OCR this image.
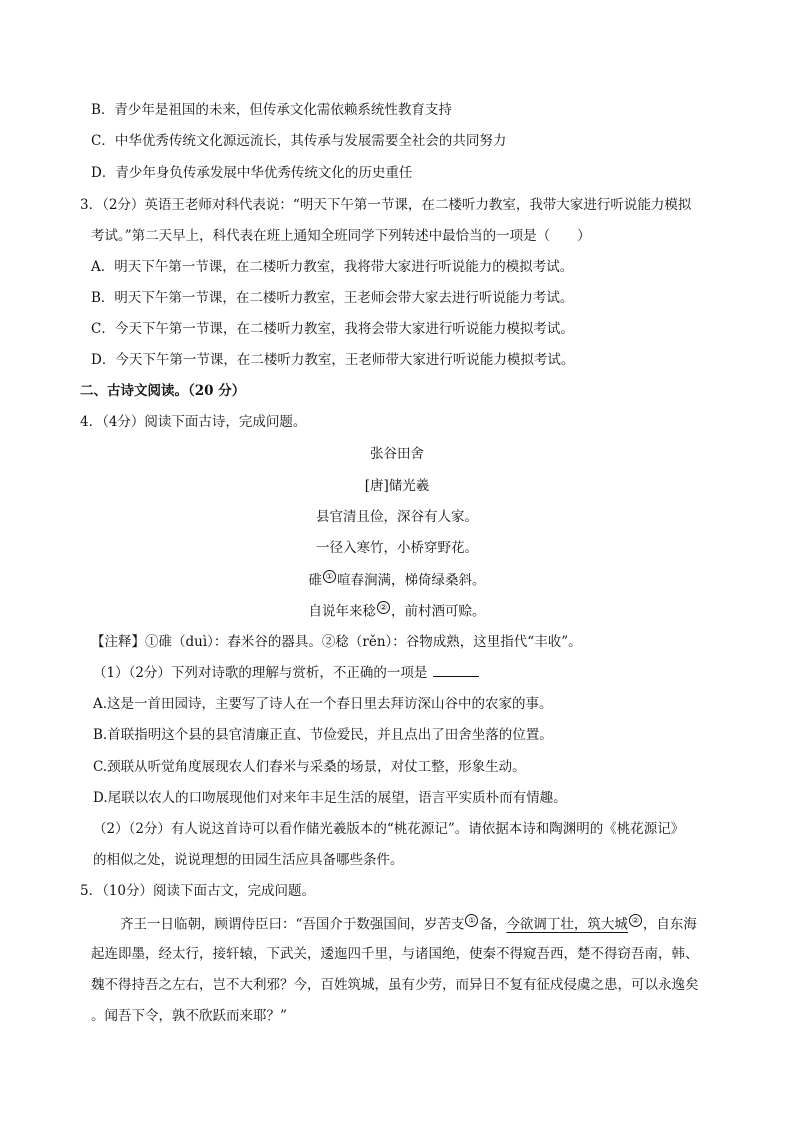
B．青少年是祖国的未来，但传承文化需依赖系统性教育支持
C．中华优秀传统文化源远流长，其传承与发展需要全社会的共同努力
D．青少年身负传承发展中华优秀传统文化的历史重任
3．（2分）英语王老师对科代表说：“明天下午第一节课，在二楼听力教室，我带大家进行听说能力模拟
考试。”第二天早上，科代表在班上通知全班同学下列转述中最恰当的一项是（　　）
A．明天下午第一节课，在二楼听力教室，我将带大家进行听说能力的模拟考试。
B．明天下午第一节课，在二楼听力教室，王老师会带大家去进行听说能力考试。
C．今天下午第一节课，在二楼听力教室，我将会带大家进行听说能力模拟考试。
D．今天下午第一节课，在二楼听力教室，王老师带大家进行听说能力模拟考试。
二、古诗文阅读。（20 分）
4．（4分）阅读下面古诗，完成问题。
张谷田舍
[唐]储光羲
县官清且俭，深谷有人家。
一径入寒竹，小桥穿野花。
碓 ① 喧春涧满，梯倚绿桑斜。
自说年来稔 ② ，前村酒可赊。
【注释】①碓（duì）：舂米谷的器具。②稔（rěn）：谷物成熟，这里指代“丰收”。
（1）（2分）下列对诗歌的理解与赏析，不正确的一项是
A.这是一首田园诗，主要写了诗人在一个春日里去拜访深山谷中的农家的事。
B.首联指明这个县的县官清廉正直、节俭爱民，并且点出了田舍坐落的位置。
C.颈联从听觉角度展现农人们舂米与采桑的场景，对仗工整，形象生动。
D.尾联以农人的口吻展现他们对来年丰足生活的展望，语言平实质朴而有情趣。
（2）（2分）有人说这首诗可以看作储光羲版本的“桃花源记”。请依据本诗和陶渊明的《桃花源记》
的相似之处，说说理想的田园生活应具备哪些条件。
5．（10分）阅读下面古文，完成问题。
齐王一日临朝，顾谓侍臣曰：“吾国介于数强国间，岁苦支 ① 备，今欲调丁壮，筑大城 ② ，自东海
起连即墨，经太行，接轩辕，下武关，逶迤四千里，与诸国绝，使秦不得窥吾西，楚不得窃吾南，韩、
魏不得持吾之左右，岂不大利邪？今，百姓筑城，虽有少劳，而异日不复有征戍侵虞之患，可以永逸矣
。闻吾下令，孰不欣跃而来耶？”
